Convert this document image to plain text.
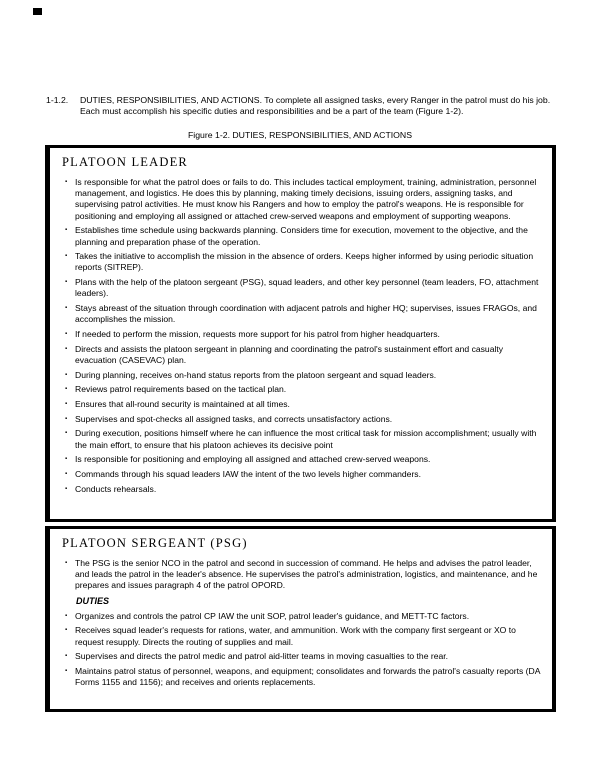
1-1.2.	DUTIES, RESPONSIBILITIES, AND ACTIONS. To complete all assigned tasks, every Ranger in the patrol must do his job. Each must accomplish his specific duties and responsibilities and be a part of the team (Figure 1-2).
Figure 1-2. DUTIES, RESPONSIBILITIES, AND ACTIONS
PLATOON LEADER
▪ Is responsible for what the patrol does or fails to do. This includes tactical employment, training, administration, personnel management, and logistics. He does this by planning, making timely decisions, issuing orders, assigning tasks, and supervising patrol activities. He must know his Rangers and how to employ the patrol's weapons. He is responsible for positioning and employing all assigned or attached crew-served weapons and employment of supporting weapons.
▪ Establishes time schedule using backwards planning. Considers time for execution, movement to the objective, and the planning and preparation phase of the operation.
▪ Takes the initiative to accomplish the mission in the absence of orders. Keeps higher informed by using periodic situation reports (SITREP).
▪ Plans with the help of the platoon sergeant (PSG), squad leaders, and other key personnel (team leaders, FO, attachment leaders).
▪ Stays abreast of the situation through coordination with adjacent patrols and higher HQ; supervises, issues FRAGOs, and accomplishes the mission.
▪ If needed to perform the mission, requests more support for his patrol from higher headquarters.
▪ Directs and assists the platoon sergeant in planning and coordinating the patrol's sustainment effort and casualty evacuation (CASEVAC) plan.
▪ During planning, receives on-hand status reports from the platoon sergeant and squad leaders.
▪ Reviews patrol requirements based on the tactical plan.
▪ Ensures that all-round security is maintained at all times.
▪ Supervises and spot-checks all assigned tasks, and corrects unsatisfactory actions.
▪ During execution, positions himself where he can influence the most critical task for mission accomplishment; usually with the main effort, to ensure that his platoon achieves its decisive point
▪ Is responsible for positioning and employing all assigned and attached crew-served weapons.
▪ Commands through his squad leaders IAW the intent of the two levels higher commanders.
▪ Conducts rehearsals.
PLATOON SERGEANT (PSG)
▪ The PSG is the senior NCO in the patrol and second in succession of command. He helps and advises the patrol leader, and leads the patrol in the leader's absence. He supervises the patrol's administration, logistics, and maintenance, and he prepares and issues paragraph 4 of the patrol OPORD.
DUTIES
▪ Organizes and controls the patrol CP IAW the unit SOP, patrol leader's guidance, and METT-TC factors.
▪ Receives squad leader's requests for rations, water, and ammunition. Work with the company first sergeant or XO to request resupply. Directs the routing of supplies and mail.
▪ Supervises and directs the patrol medic and patrol aid-litter teams in moving casualties to the rear.
▪ Maintains patrol status of personnel, weapons, and equipment; consolidates and forwards the patrol's casualty reports (DA Forms 1155 and 1156); and receives and orients replacements.
